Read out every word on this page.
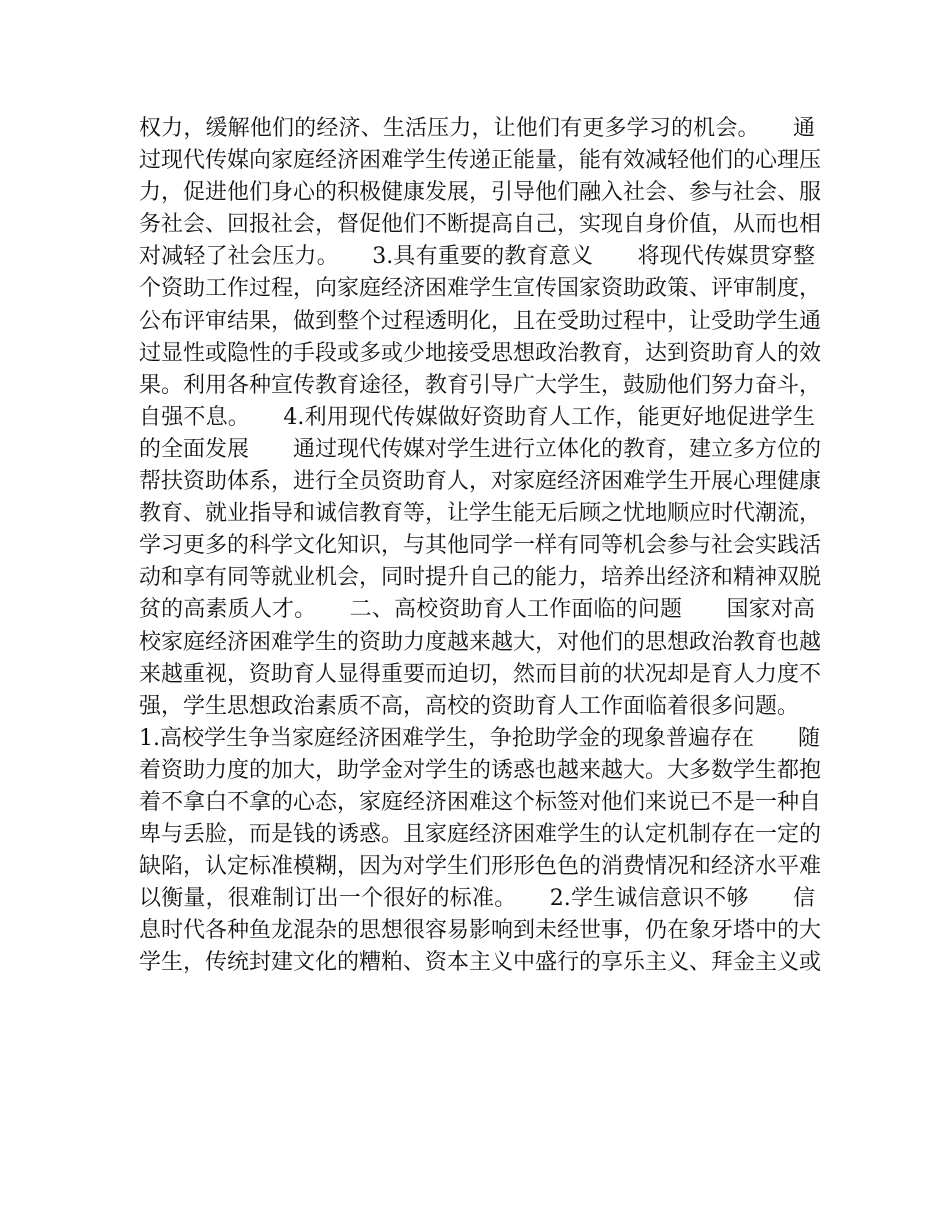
权力，缓解他们的经济、生活压力，让他们有更多学习的机会。　　通
过现代传媒向家庭经济困难学生传递正能量，能有效减轻他们的心理压
力，促进他们身心的积极健康发展，引导他们融入社会、参与社会、服
务社会、回报社会，督促他们不断提高自己，实现自身价值，从而也相
对减轻了社会压力。　　3.具有重要的教育意义　　将现代传媒贯穿整
个资助工作过程，向家庭经济困难学生宣传国家资助政策、评审制度，
公布评审结果，做到整个过程透明化，且在受助过程中，让受助学生通
过显性或隐性的手段或多或少地接受思想政治教育，达到资助育人的效
果。利用各种宣传教育途径，教育引导广大学生，鼓励他们努力奋斗，
自强不息。　　4.利用现代传媒做好资助育人工作，能更好地促进学生
的全面发展　　通过现代传媒对学生进行立体化的教育，建立多方位的
帮扶资助体系，进行全员资助育人，对家庭经济困难学生开展心理健康
教育、就业指导和诚信教育等，让学生能无后顾之忧地顺应时代潮流，
学习更多的科学文化知识，与其他同学一样有同等机会参与社会实践活
动和享有同等就业机会，同时提升自己的能力，培养出经济和精神双脱
贫的高素质人才。　　二、高校资助育人工作面临的问题　　国家对高
校家庭经济困难学生的资助力度越来越大，对他们的思想政治教育也越
来越重视，资助育人显得重要而迫切，然而目前的状况却是育人力度不
强，学生思想政治素质不高，高校的资助育人工作面临着很多问题。
1.高校学生争当家庭经济困难学生，争抢助学金的现象普遍存在　　随
着资助力度的加大，助学金对学生的诱惑也越来越大。大多数学生都抱
着不拿白不拿的心态，家庭经济困难这个标签对他们来说已不是一种自
卑与丢脸，而是钱的诱惑。且家庭经济困难学生的认定机制存在一定的
缺陷，认定标准模糊，因为对学生们形形色色的消费情况和经济水平难
以衡量，很难制订出一个很好的标准。　　2.学生诚信意识不够　　信
息时代各种鱼龙混杂的思想很容易影响到未经世事，仍在象牙塔中的大
学生，传统封建文化的糟粕、资本主义中盛行的享乐主义、拜金主义或
